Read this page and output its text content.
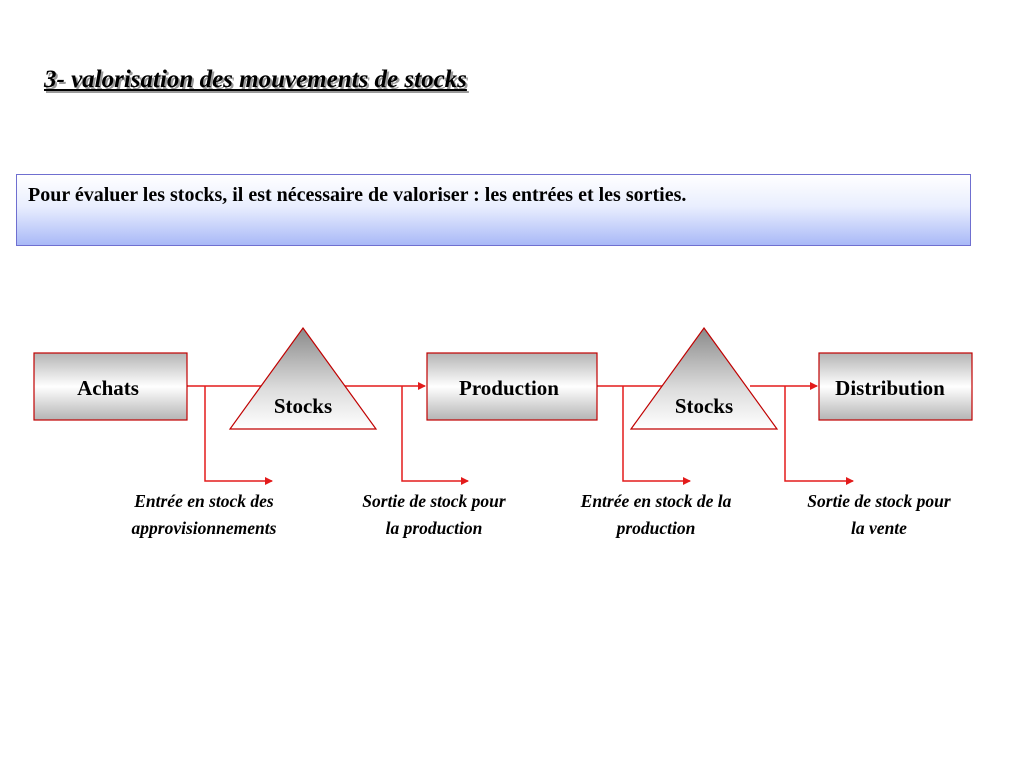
3- valorisation des mouvements de stocks
Pour évaluer les stocks, il est nécessaire de valoriser : les entrées et les sorties.
Achats	Production	Distribution
Stocks	Stocks
Entrée en stock des
approvisionnements
Sortie de stock pour
la production
Entrée en stock de la
production
Sortie de stock pour
la vente
